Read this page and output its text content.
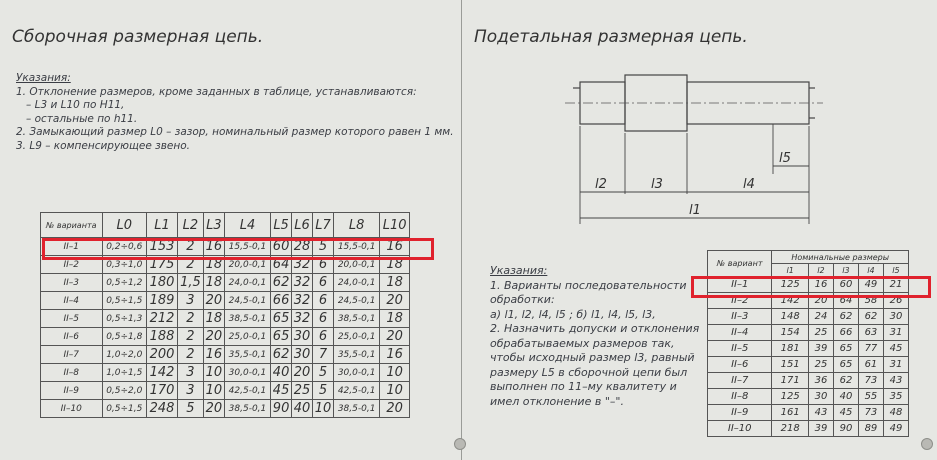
Сборочная размерная цепь.
Указания:
1. Отклонение размеров, кроме заданных в таблице, устанавливаются:
– L3 и L10 по H11,
– остальные по h11.
2. Замыкающий размер L0 – зазор, номинальный размер которого равен 1 мм.
3. L9 – компенсирующее звено.
№ варианта	L0	L1	L2	L3	L4	L5	L6	L7	L8	L10
II–1	0,2÷0,6	153	2	16	15,5-0,1	60	28	5	15,5-0,1	16
II–2	0,3÷1,0	175	2	18	20,0-0,1	64	32	6	20,0-0,1	18
II–3	0,5÷1,2	180	1,5	18	24,0-0,1	62	32	6	24,0-0,1	18
II–4	0,5÷1,5	189	3	20	24,5-0,1	66	32	6	24,5-0,1	20
II–5	0,5÷1,3	212	2	18	38,5-0,1	65	32	6	38,5-0,1	18
II–6	0,5÷1,8	188	2	20	25,0-0,1	65	30	6	25,0-0,1	20
II–7	1,0÷2,0	200	2	16	35,5-0,1	62	30	7	35,5-0,1	16
II–8	1,0÷1,5	142	3	10	30,0-0,1	40	20	5	30,0-0,1	10
II–9	0,5÷2,0	170	3	10	42,5-0,1	45	25	5	42,5-0,1	10
II–10	0,5÷1,5	248	5	20	38,5-0,1	90	40	10	38,5-0,1	20
Подетальная размерная цепь.
l5
l2	l3	l4
l1
Указания:
1. Варианты последовательности
обработки:
а) l1, l2, l4, l5 ; б) l1, l4, l5, l3,
2. Назначить допуски и отклонения
обрабатываемых размеров так,
чтобы исходный размер l3, равный
размеру L5 в сборочной цепи был
выполнен по 11–му квалитету и
имел отклонение в "–".
№ вариант	Номинальные размеры				
	l1	l2	l3	l4	l5
II–1	125	16	60	49	21
II–2	142	20	64	58	26
II–3	148	24	62	62	30
II–4	154	25	66	63	31
II–5	181	39	65	77	45
II–6	151	25	65	61	31
II–7	171	36	62	73	43
II–8	125	30	40	55	35
II–9	161	43	45	73	48
II–10	218	39	90	89	49
